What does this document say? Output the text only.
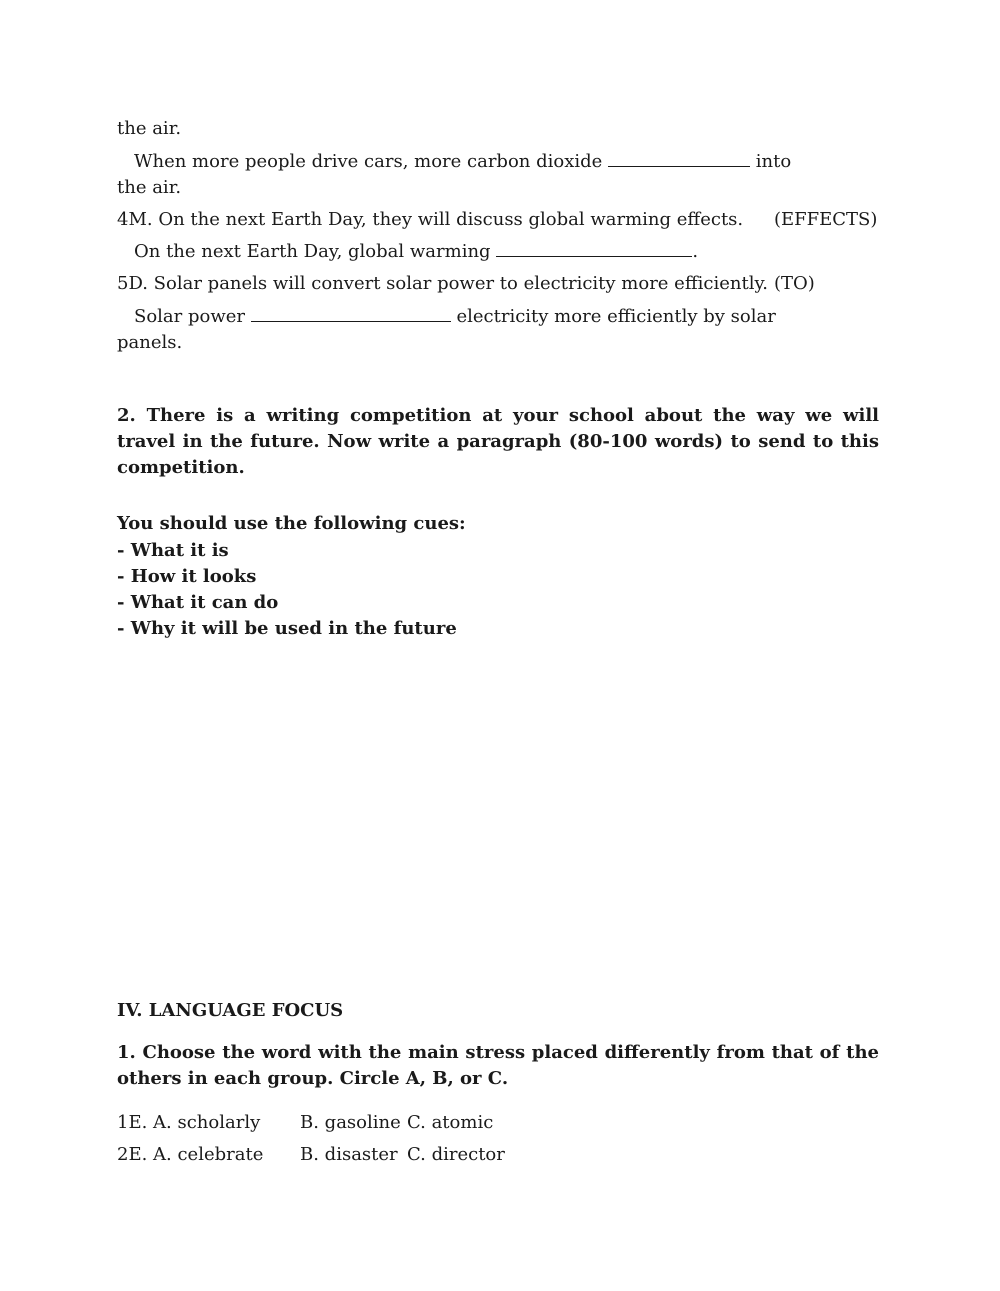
the air.
When more people drive cars, more carbon dioxide	into
the air.
4M. On the next Earth Day, they will discuss global warming effects. (EFFECTS)
On the next Earth Day, global warming	.
5D. Solar panels will convert solar power to electricity more efficiently. (TO)
Solar power	electricity more efficiently by solar
panels.
2. There is a writing competition at your school about the way we will travel in the future. Now write a paragraph (80-100 words) to send to this competition.
You should use the following cues:
- What it is
- How it looks
- What it can do
- Why it will be used in the future
IV. LANGUAGE FOCUS
1. Choose the word with the main stress placed differently from that of the others in each group. Circle A, B, or C.
1E. A. scholarly B. gasoline C. atomic
2E. A. celebrate B. disaster C. director
